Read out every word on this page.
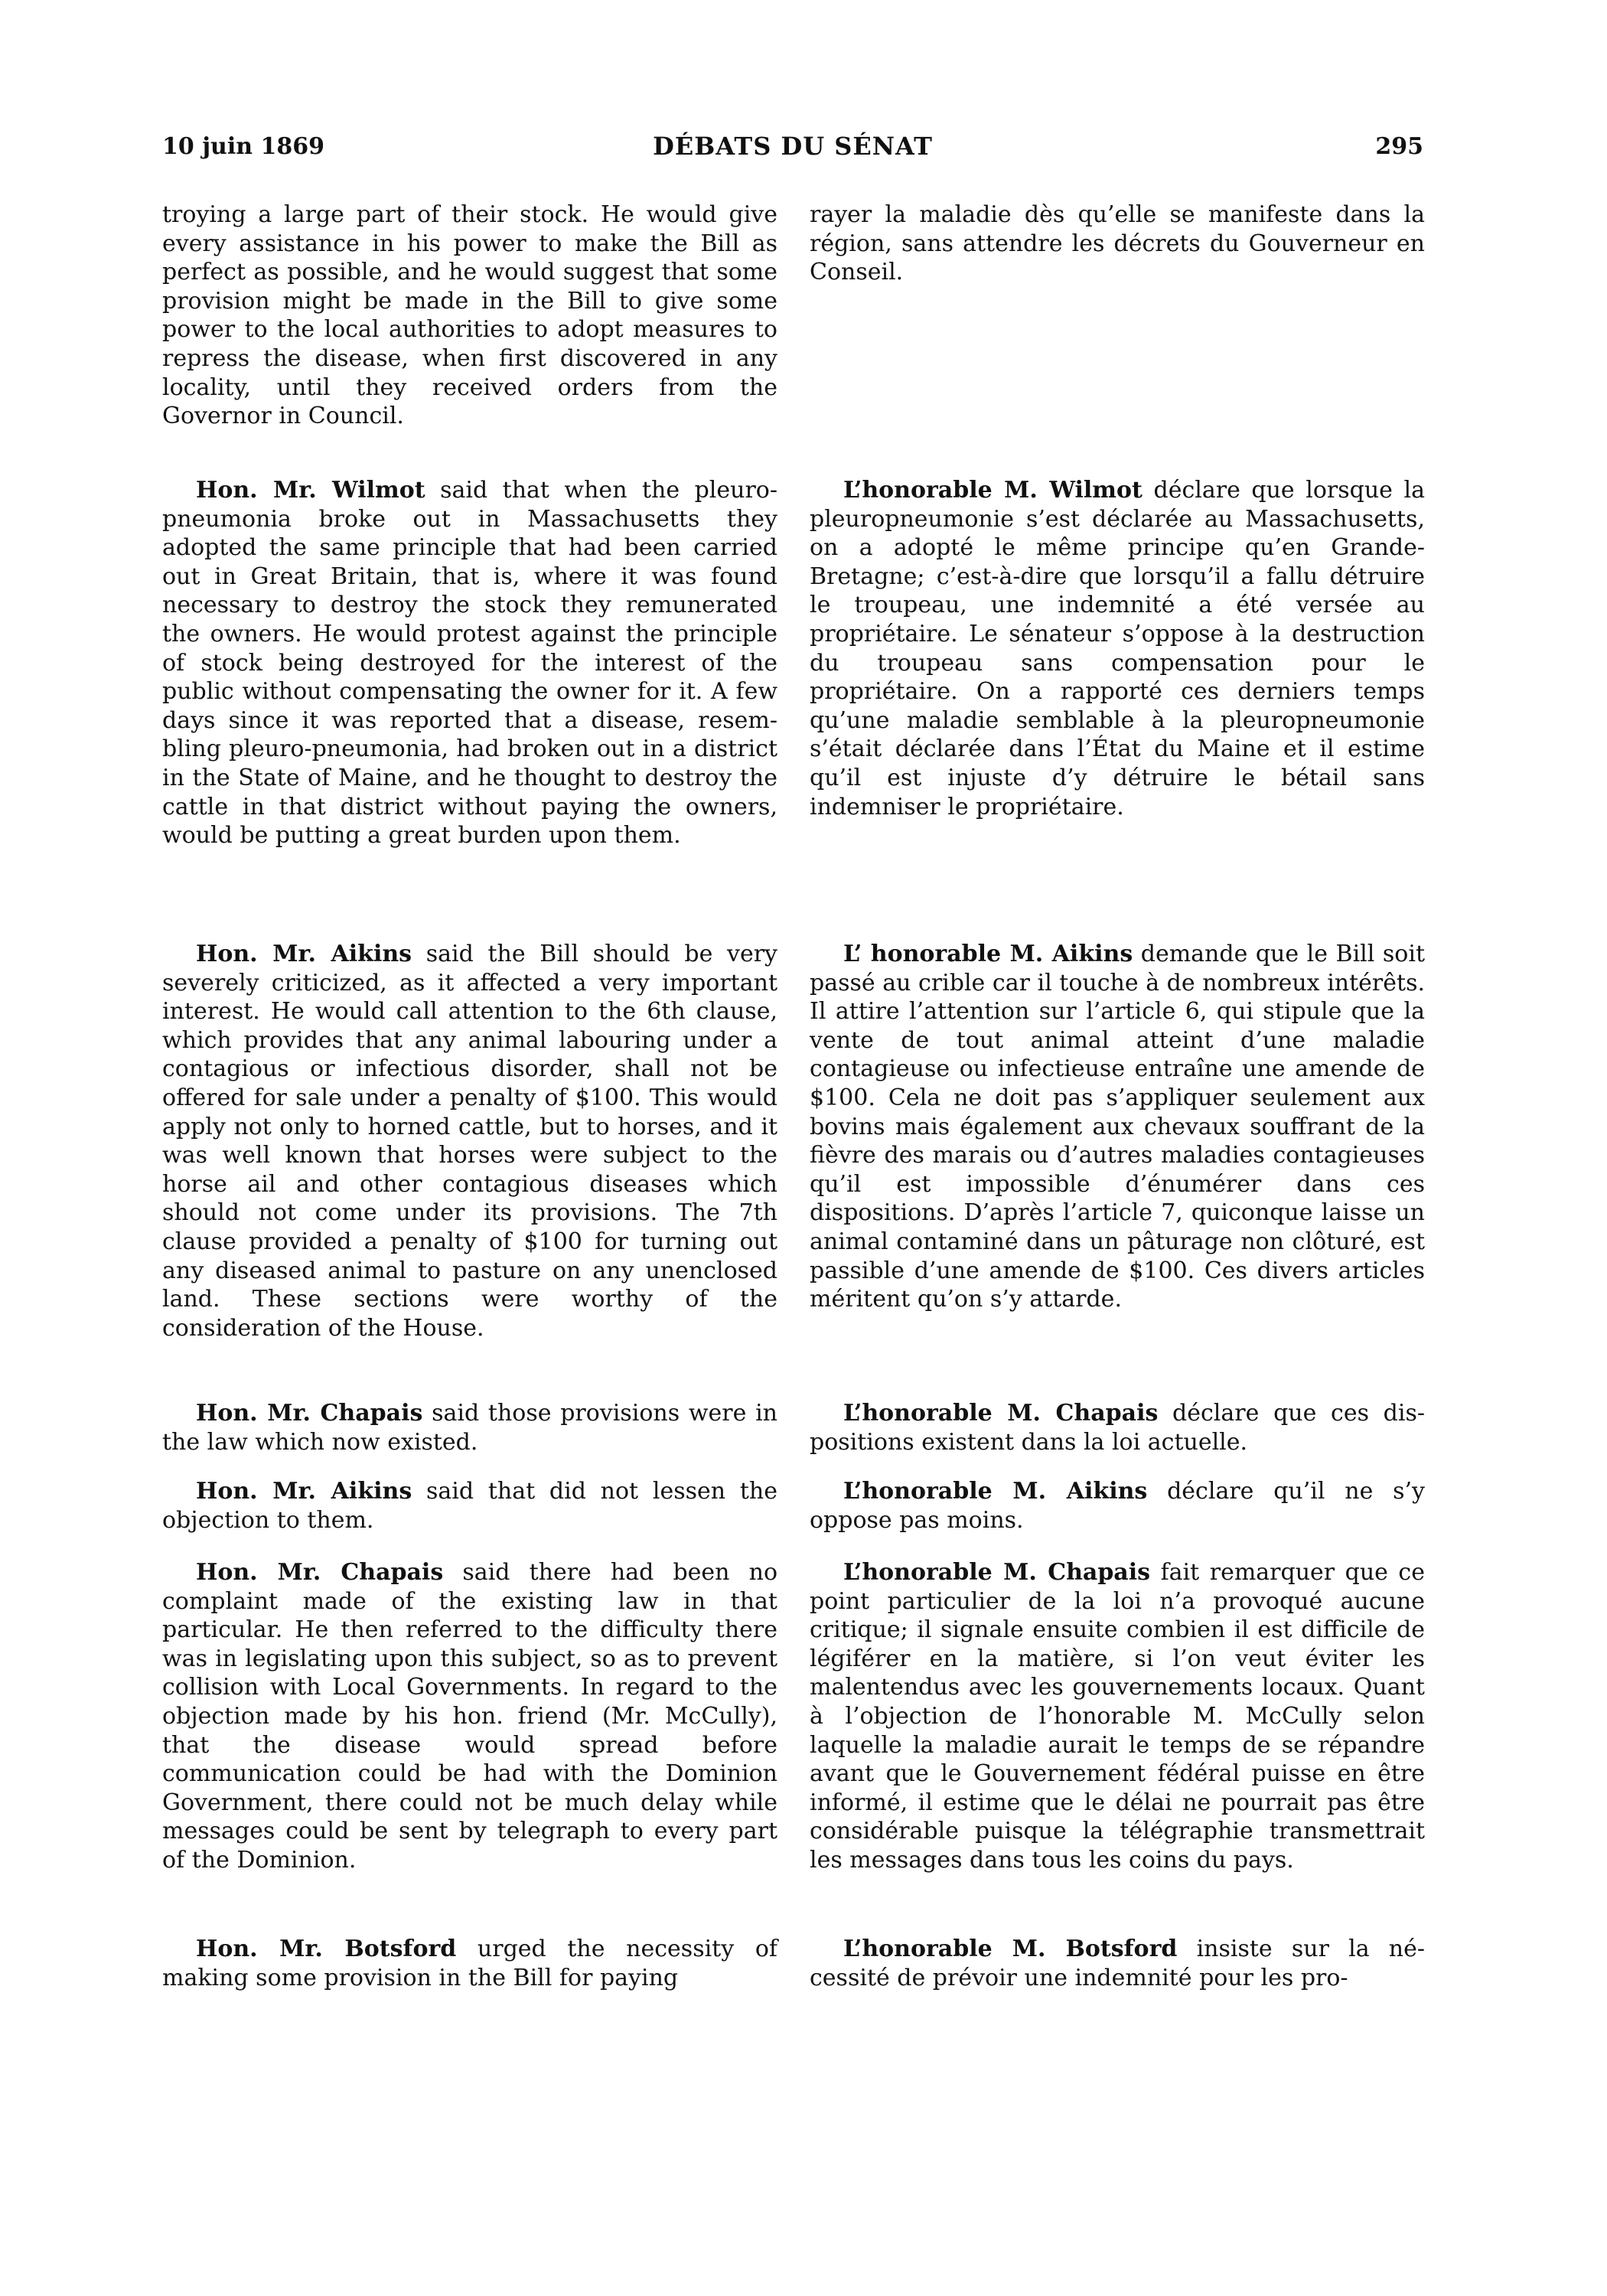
10 juin 1869	DÉBATS DU SÉNAT	295

troying a large part of their stock. He would give every assistance in his power to make the Bill as perfect as possible, and he would suggest that some provision might be made in the Bill to give some power to the local authorities to adopt measures to repress the disease, when first discovered in any locality, until they received orders from the Governor in Council.

Hon. Mr. Wilmot said that when the pleuro-pneumonia broke out in Massachusetts they adopted the same principle that had been carried out in Great Britain, that is, where it was found necessary to destroy the stock they remunerated the owners. He would protest against the principle of stock being destroyed for the interest of the public without compensating the owner for it. A few days since it was reported that a disease, resembling pleuro-pneumonia, had broken out in a district in the State of Maine, and he thought to destroy the cattle in that district without paying the owners, would be putting a great burden upon them.

Hon. Mr. Aikins said the Bill should be very severely criticized, as it affected a very important interest. He would call attention to the 6th clause, which provides that any animal labouring under a contagious or infectious disorder, shall not be offered for sale under a penalty of $100. This would apply not only to horned cattle, but to horses, and it was well known that horses were subject to the horse ail and other contagious diseases which should not come under its provisions. The 7th clause provided a penalty of $100 for turning out any diseased animal to pasture on any unenclosed land. These sections were worthy of the consideration of the House.

Hon. Mr. Chapais said those provisions were in the law which now existed.

Hon. Mr. Aikins said that did not lessen the objection to them.

Hon. Mr. Chapais said there had been no complaint made of the existing law in that particular. He then referred to the difficulty there was in legislating upon this subject, so as to prevent collision with Local Governments. In regard to the objection made by his hon. friend (Mr. McCully), that the disease would spread before communication could be had with the Dominion Government, there could not be much delay while messages could be sent by telegraph to every part of the Dominion.

Hon. Mr. Botsford urged the necessity of making some provision in the Bill for paying

rayer la maladie dès qu’elle se manifeste dans la région, sans attendre les décrets du Gouverneur en Conseil.

L’honorable M. Wilmot déclare que lorsque la pleuropneumonie s’est déclarée au Massachusetts, on a adopté le même principe qu’en Grande-Bretagne; c’est-à-dire que lorsqu’il a fallu détruire le troupeau, une indemnité a été versée au propriétaire. Le sénateur s’oppose à la destruction du troupeau sans compensation pour le propriétaire. On a rapporté ces derniers temps qu’une maladie semblable à la pleuropneumonie s’était déclarée dans l’État du Maine et il estime qu’il est injuste d’y détruire le bétail sans indemniser le propriétaire.

L’ honorable M. Aikins demande que le Bill soit passé au crible car il touche à de nombreux intérêts. Il attire l’attention sur l’article 6, qui stipule que la vente de tout animal atteint d’une maladie contagieuse ou infectieuse entraîne une amende de $100. Cela ne doit pas s’appliquer seulement aux bovins mais également aux chevaux souffrant de la fièvre des marais ou d’autres maladies contagieuses qu’il est impossible d’énumérer dans ces dispositions. D’après l’article 7, quiconque laisse un animal contaminé dans un pâturage non clôturé, est passible d’une amende de $100. Ces divers articles méritent qu’on s’y attarde.

L’honorable M. Chapais déclare que ces dispositions existent dans la loi actuelle.

L’honorable M. Aikins déclare qu’il ne s’y oppose pas moins.

L’honorable M. Chapais fait remarquer que ce point particulier de la loi n’a provoqué aucune critique; il signale ensuite combien il est difficile de légiférer en la matière, si l’on veut éviter les malentendus avec les gouvernements locaux. Quant à l’objection de l’honorable M. McCully selon laquelle la maladie aurait le temps de se répandre avant que le Gouvernement fédéral puisse en être informé, il estime que le délai ne pourrait pas être considérable puisque la télégraphie transmettrait les messages dans tous les coins du pays.

L’honorable M. Botsford insiste sur la nécessité de prévoir une indemnité pour les pro-
